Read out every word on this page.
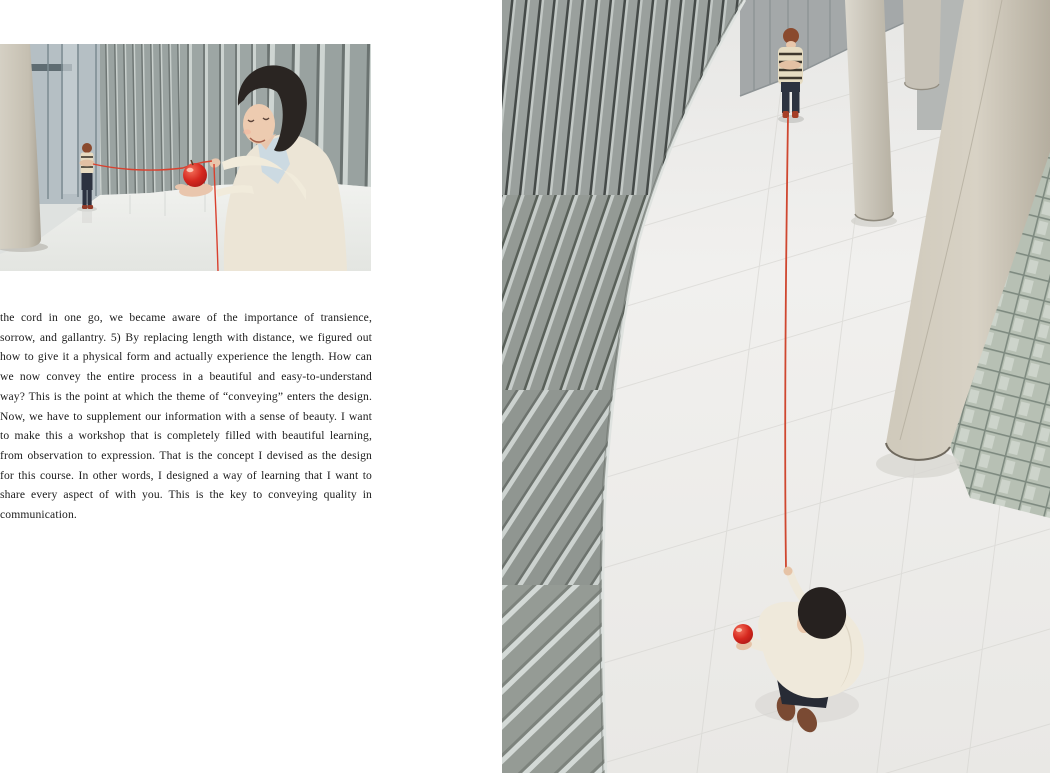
the cord in one go, we became aware of the importance of transience, sorrow, and gallantry. 5) By replacing length with distance, we figured out how to give it a physical form and actually experience the length. How can we now convey the entire process in a beautiful and easy-to-understand way? This is the point at which the theme of “conveying” enters the design. Now, we have to supplement our information with a sense of beauty. I want to make this a workshop that is completely filled with beautiful learning, from observation to expression. That is the concept I devised as the design for this course. In other words, I designed a way of learning that I want to share every aspect of with you. This is the key to conveying quality in communication.
